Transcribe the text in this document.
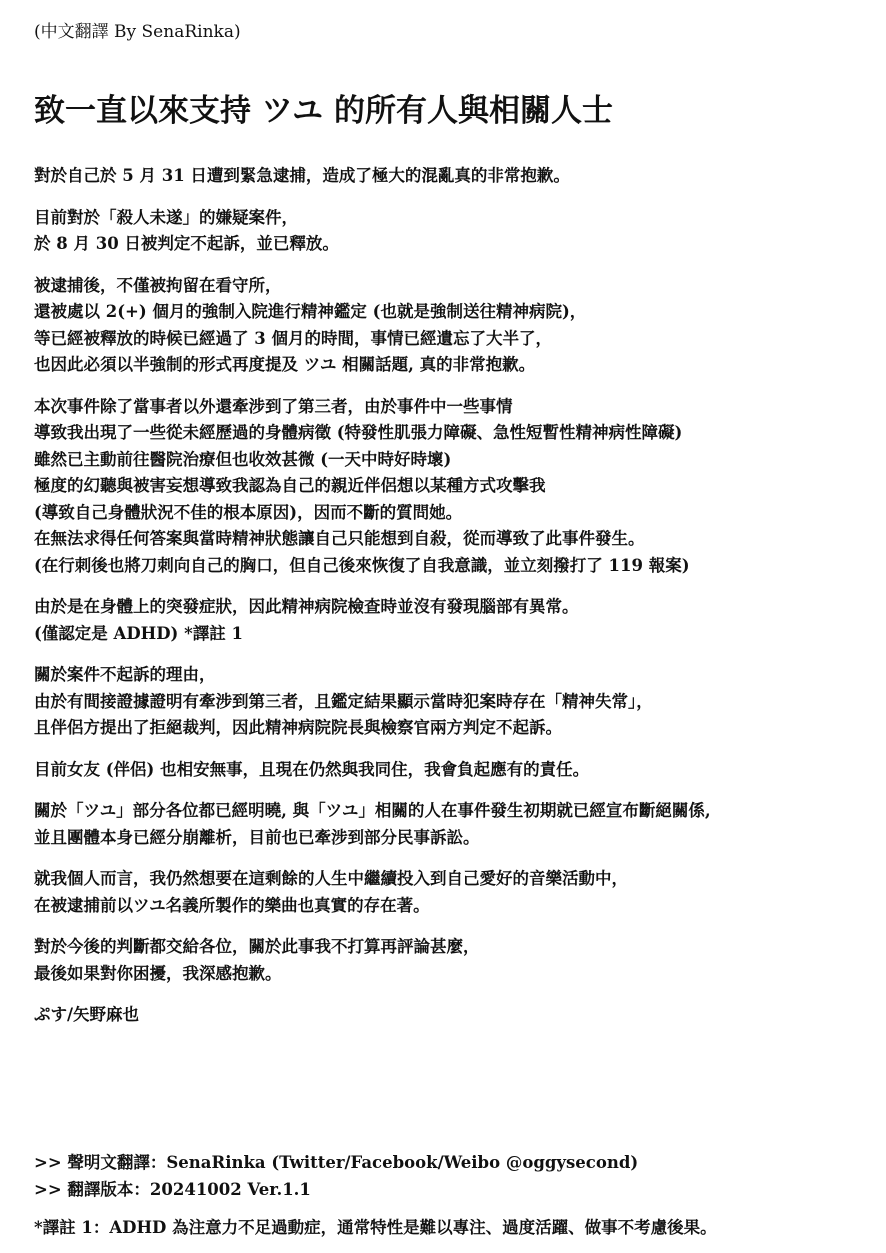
(中文翻譯 By SenaRinka)
致一直以來支持 ツユ 的所有人與相關人士

對於自己於 5 月 31 日遭到緊急逮捕，造成了極大的混亂真的非常抱歉。

目前對於「殺人未遂」的嫌疑案件，
於 8 月 30 日被判定不起訴，並已釋放。

被逮捕後，不僅被拘留在看守所，
還被處以 2(+) 個月的強制入院進行精神鑑定 (也就是強制送往精神病院)，
等已經被釋放的時候已經過了 3 個月的時間，事情已經遺忘了大半了，
也因此必須以半強制的形式再度提及 ツユ 相關話題, 真的非常抱歉。

本次事件除了當事者以外還牽涉到了第三者，由於事件中一些事情
導致我出現了一些從未經歷過的身體病徵 (特發性肌張力障礙、急性短暫性精神病性障礙)
雖然已主動前往醫院治療但也收效甚微 (一天中時好時壞)
極度的幻聽與被害妄想導致我認為自己的親近伴侶想以某種方式攻擊我
(導致自己身體狀況不佳的根本原因)，因而不斷的質問她。
在無法求得任何答案與當時精神狀態讓自己只能想到自殺，從而導致了此事件發生。
(在行刺後也將刀刺向自己的胸口，但自己後來恢復了自我意識，並立刻撥打了 119 報案)

由於是在身體上的突發症狀，因此精神病院檢查時並沒有發現腦部有異常。
(僅認定是 ADHD) *譯註 1

關於案件不起訴的理由，
由於有間接證據證明有牽涉到第三者，且鑑定結果顯示當時犯案時存在「精神失常」，
且伴侶方提出了拒絕裁判，因此精神病院院長與檢察官兩方判定不起訴。

目前女友 (伴侶) 也相安無事，且現在仍然與我同住，我會負起應有的責任。

關於「ツユ」部分各位都已經明曉, 與「ツユ」相關的人在事件發生初期就已經宣布斷絕關係,
並且團體本身已經分崩離析，目前也已牽涉到部分民事訴訟。

就我個人而言，我仍然想要在這剩餘的人生中繼續投入到自己愛好的音樂活動中，
在被逮捕前以ツユ名義所製作的樂曲也真實的存在著。

對於今後的判斷都交給各位，關於此事我不打算再評論甚麼，
最後如果對你困擾，我深感抱歉。

ぷす/矢野麻也

>> 聲明文翻譯：SenaRinka (Twitter/Facebook/Weibo @oggysecond)
>> 翻譯版本：20241002 Ver.1.1
*譯註 1：ADHD 為注意力不足過動症，通常特性是難以專注、過度活躍、做事不考慮後果。
